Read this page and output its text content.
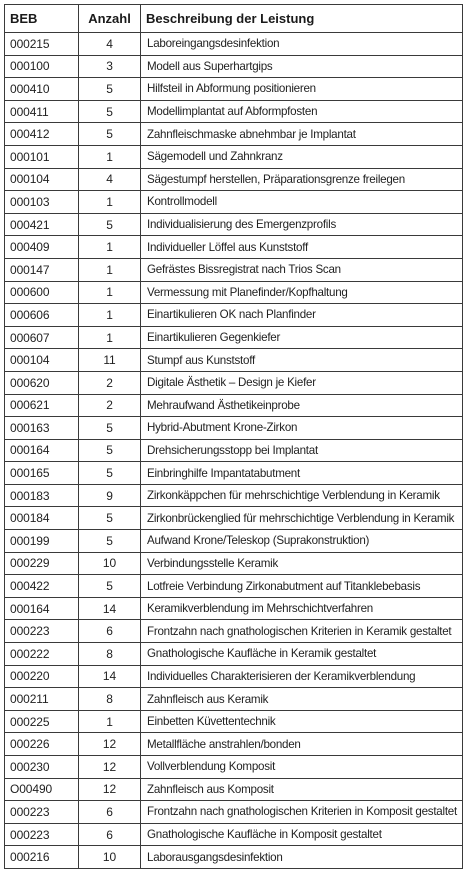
BEB	Anzahl	Beschreibung der Leistung
000215	4	Laboreingangsdesinfektion
000100	3	Modell aus Superhartgips
000410	5	Hilfsteil in Abformung positionieren
000411	5	Modellimplantat auf Abformpfosten
000412	5	Zahnfleischmaske abnehmbar je Implantat
000101	1	Sägemodell und Zahnkranz
000104	4	Sägestumpf herstellen, Präparationsgrenze freilegen
000103	1	Kontrollmodell
000421	5	Individualisierung des Emergenzprofils
000409	1	Individueller Löffel aus Kunststoff
000147	1	Gefrästes Bissregistrat nach Trios Scan
000600	1	Vermessung mit Planefinder/Kopfhaltung
000606	1	Einartikulieren OK nach Planfinder
000607	1	Einartikulieren Gegenkiefer
000104	11	Stumpf aus Kunststoff
000620	2	Digitale Ästhetik – Design je Kiefer
000621	2	Mehraufwand Ästhetikeinprobe
000163	5	Hybrid-Abutment Krone-Zirkon
000164	5	Drehsicherungsstopp bei Implantat
000165	5	Einbringhilfe Impantatabutment
000183	9	Zirkonkäppchen für mehrschichtige Verblendung in Keramik
000184	5	Zirkonbrückenglied für mehrschichtige Verblendung in Keramik
000199	5	Aufwand Krone/Teleskop (Suprakonstruktion)
000229	10	Verbindungsstelle Keramik
000422	5	Lotfreie Verbindung Zirkonabutment auf Titanklebebasis
000164	14	Keramikverblendung im Mehrschichtverfahren
000223	6	Frontzahn nach gnathologischen Kriterien in Keramik gestaltet
000222	8	Gnathologische Kaufläche in Keramik gestaltet
000220	14	Individuelles Charakterisieren der Keramikverblendung
000211	8	Zahnfleisch aus Keramik
000225	1	Einbetten Küvettentechnik
000226	12	Metallfläche anstrahlen/bonden
000230	12	Vollverblendung Komposit
O00490	12	Zahnfleisch aus Komposit
000223	6	Frontzahn nach gnathologischen Kriterien in Komposit gestaltet
000223	6	Gnathologische Kaufläche in Komposit gestaltet
000216	10	Laborausgangsdesinfektion
